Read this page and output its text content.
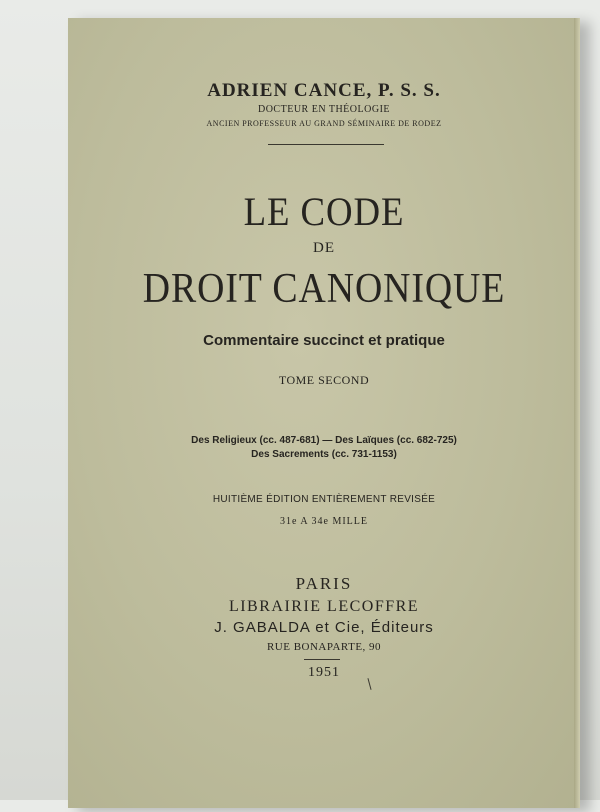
ADRIEN CANCE, P. S. S.

DOCTEUR EN THÉOLOGIE

ANCIEN PROFESSEUR AU GRAND SÉMINAIRE DE RODEZ

LE CODE

DE

DROIT CANONIQUE

Commentaire succinct et pratique

TOME SECOND

Des Religieux (cc. 487-681) — Des Laïques (cc. 682-725)

Des Sacrements (cc. 731-1153)

HUITIÈME ÉDITION ENTIÈREMENT REVISÉE

31e A 34e MILLE

PARIS

LIBRAIRIE LECOFFRE

J. GABALDA et Cie, Éditeurs

RUE BONAPARTE, 90

1951
